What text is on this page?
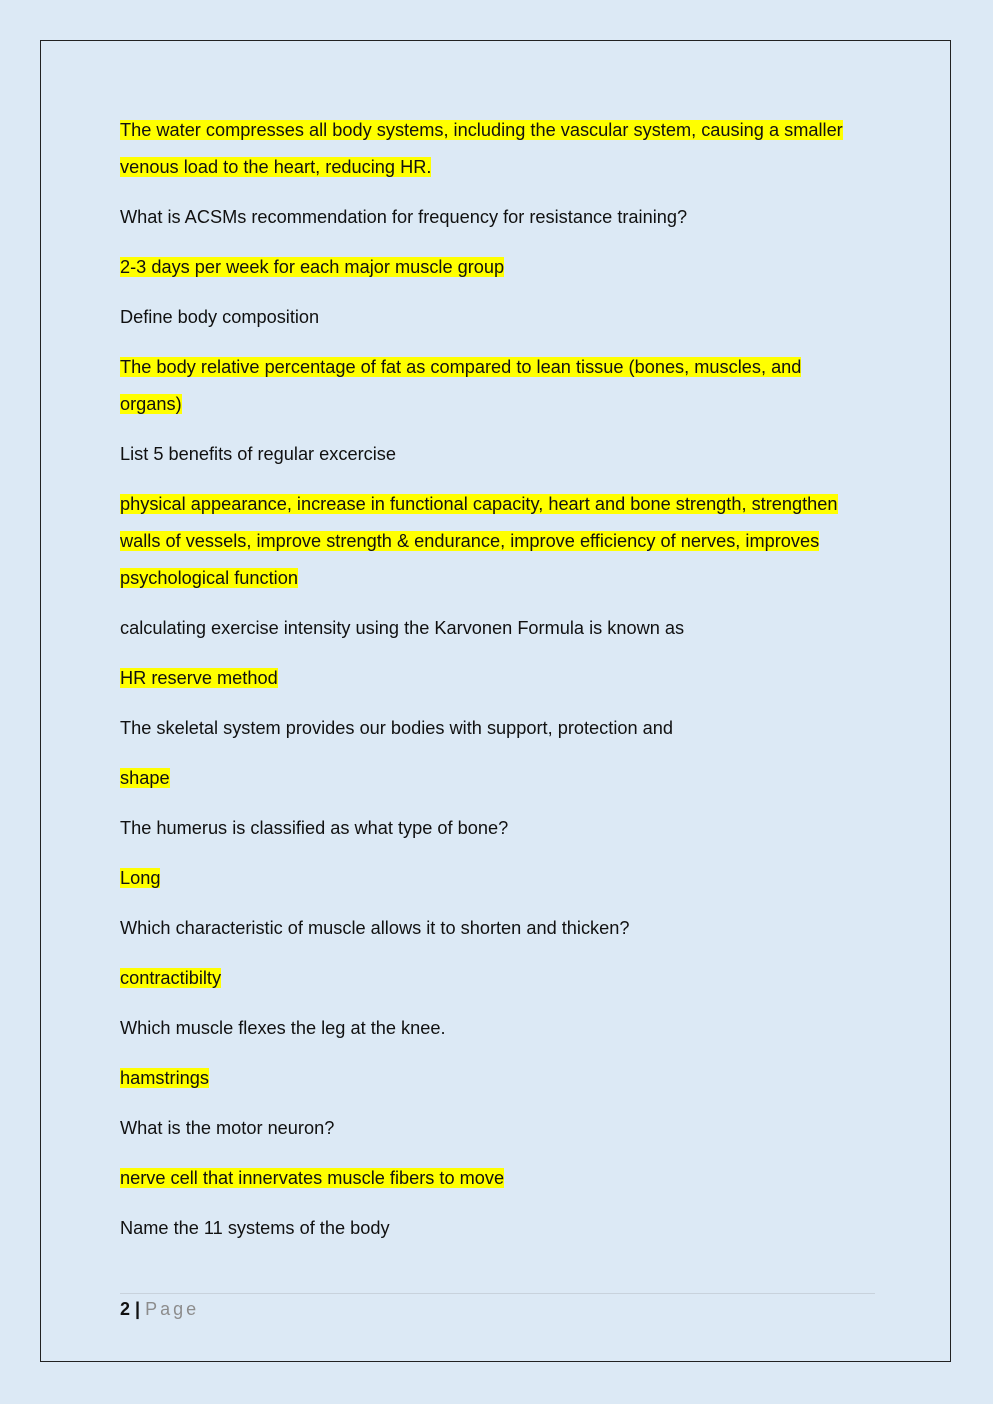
The water compresses all body systems, including the vascular system, causing a smaller venous load to the heart, reducing HR.

What is ACSMs recommendation for frequency for resistance training?

2-3 days per week for each major muscle group

Define body composition

The body relative percentage of fat as compared to lean tissue (bones, muscles, and organs)

List 5 benefits of regular excercise

physical appearance, increase in functional capacity, heart and bone strength, strengthen walls of vessels, improve strength & endurance, improve efficiency of nerves, improves psychological function

calculating exercise intensity using the Karvonen Formula is known as

HR reserve method

The skeletal system provides our bodies with support, protection and

shape

The humerus is classified as what type of bone?

Long

Which characteristic of muscle allows it to shorten and thicken?

contractibilty

Which muscle flexes the leg at the knee.

hamstrings

What is the motor neuron?

nerve cell that innervates muscle fibers to move

Name the 11 systems of the body

2 | Page
